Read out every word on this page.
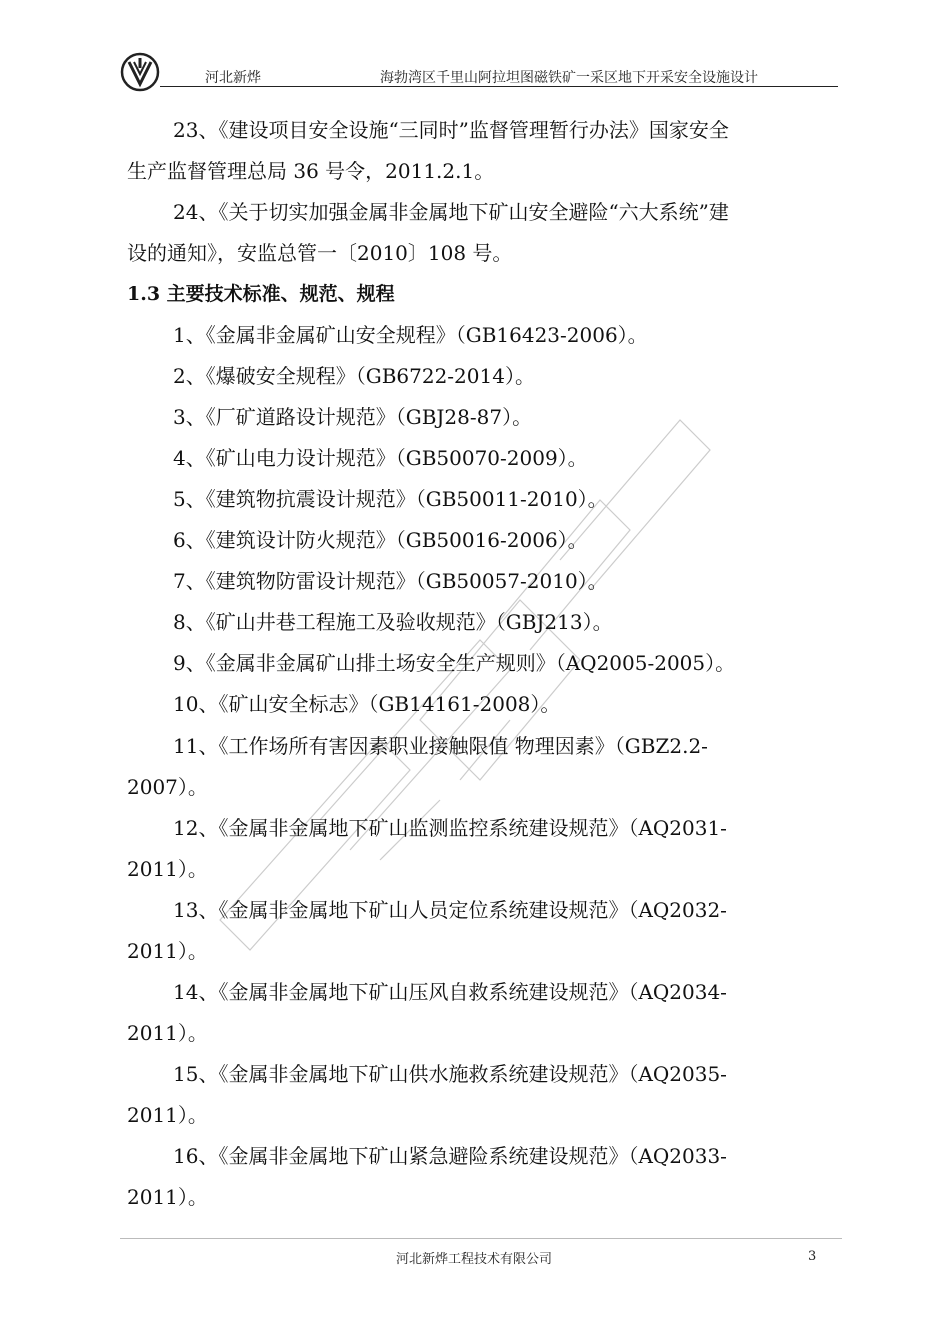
河北新烨	海勃湾区千里山阿拉坦图磁铁矿一采区地下开采安全设施设计
23、《建设项目安全设施“三同时”监督管理暂行办法》国家安全
生产监督管理总局 36 号令，2011.2.1。
24、《关于切实加强金属非金属地下矿山安全避险“六大系统”建
设的通知》，安监总管一〔2010〕108 号。
1.3 主要技术标准、规范、规程
1、《金属非金属矿山安全规程》（GB16423-2006）。
2、《爆破安全规程》（GB6722-2014）。
3、《厂矿道路设计规范》（GBJ28-87）。
4、《矿山电力设计规范》（GB50070-2009）。
5、《建筑物抗震设计规范》（GB50011-2010）。
6、《建筑设计防火规范》（GB50016-2006）。
7、《建筑物防雷设计规范》（GB50057-2010）。
8、《矿山井巷工程施工及验收规范》（GBJ213）。
9、《金属非金属矿山排土场安全生产规则》（AQ2005-2005）。
10、《矿山安全标志》（GB14161-2008）。
11、《工作场所有害因素职业接触限值 物理因素》（GBZ2.2-
2007）。
12、《金属非金属地下矿山监测监控系统建设规范》（AQ2031-
2011）。
13、《金属非金属地下矿山人员定位系统建设规范》（AQ2032-
2011）。
14、《金属非金属地下矿山压风自救系统建设规范》（AQ2034-
2011）。
15、《金属非金属地下矿山供水施救系统建设规范》（AQ2035-
2011）。
16、《金属非金属地下矿山紧急避险系统建设规范》（AQ2033-
2011）。
河北新烨工程技术有限公司	3
